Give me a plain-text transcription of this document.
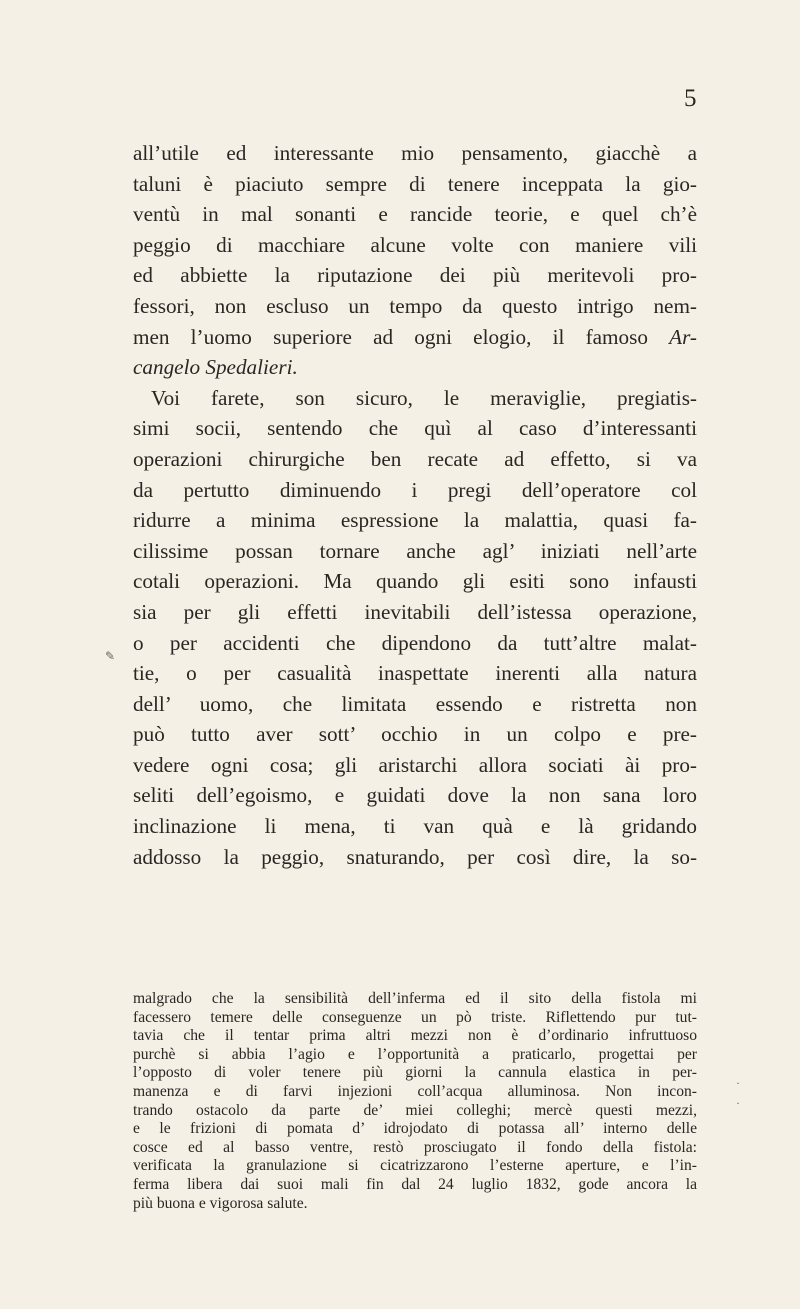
5
all’utile ed interessante mio pensamento, giacchè a
taluni è piaciuto sempre di tenere inceppata la gio-
ventù in mal sonanti e rancide teorie, e quel ch’è
peggio di macchiare alcune volte con maniere vili
ed abbiette la riputazione dei più meritevoli pro-
fessori, non escluso un tempo da questo intrigo nem-
men l’uomo superiore ad ogni elogio, il famoso Ar-
cangelo Spedalieri.
Voi farete, son sicuro, le meraviglie, pregiatis-
simi socii, sentendo che quì al caso d’interessanti
operazioni chirurgiche ben recate ad effetto, si va
da pertutto diminuendo i pregi dell’operatore col
ridurre a minima espressione la malattia, quasi fa-
cilissime possan tornare anche agl’ iniziati nell’arte
cotali operazioni. Ma quando gli esiti sono infausti
sia per gli effetti inevitabili dell’istessa operazione,
o per accidenti che dipendono da tutt’altre malat-
tie, o per casualità inaspettate inerenti alla natura
dell’ uomo, che limitata essendo e ristretta non
può tutto aver sott’ occhio in un colpo e pre-
vedere ogni cosa; gli aristarchi allora sociati ài pro-
seliti dell’egoismo, e guidati dove la non sana loro
inclinazione li mena, ti van quà e là gridando
addosso la peggio, snaturando, per così dire, la so-
malgrado che la sensibilità dell’inferma ed il sito della fistola mi
facessero temere delle conseguenze un pò triste. Riflettendo pur tut-
tavia che il tentar prima altri mezzi non è d’ordinario infruttuoso
purchè si abbia l’agio e l’opportunità a praticarlo, progettai per
l’opposto di voler tenere più giorni la cannula elastica in per-
manenza e di farvi injezioni coll’acqua alluminosa. Non incon-
trando ostacolo da parte de’ miei colleghi; mercè questi mezzi,
e le frizioni di pomata d’ idrojodato di potassa all’ interno delle
cosce ed al basso ventre, restò prosciugato il fondo della fistola:
verificata la granulazione si cicatrizzarono l’esterne aperture, e l’in-
ferma libera dai suoi mali fin dal 24 luglio 1832, gode ancora la
più buona e vigorosa salute.
✎
·
·
